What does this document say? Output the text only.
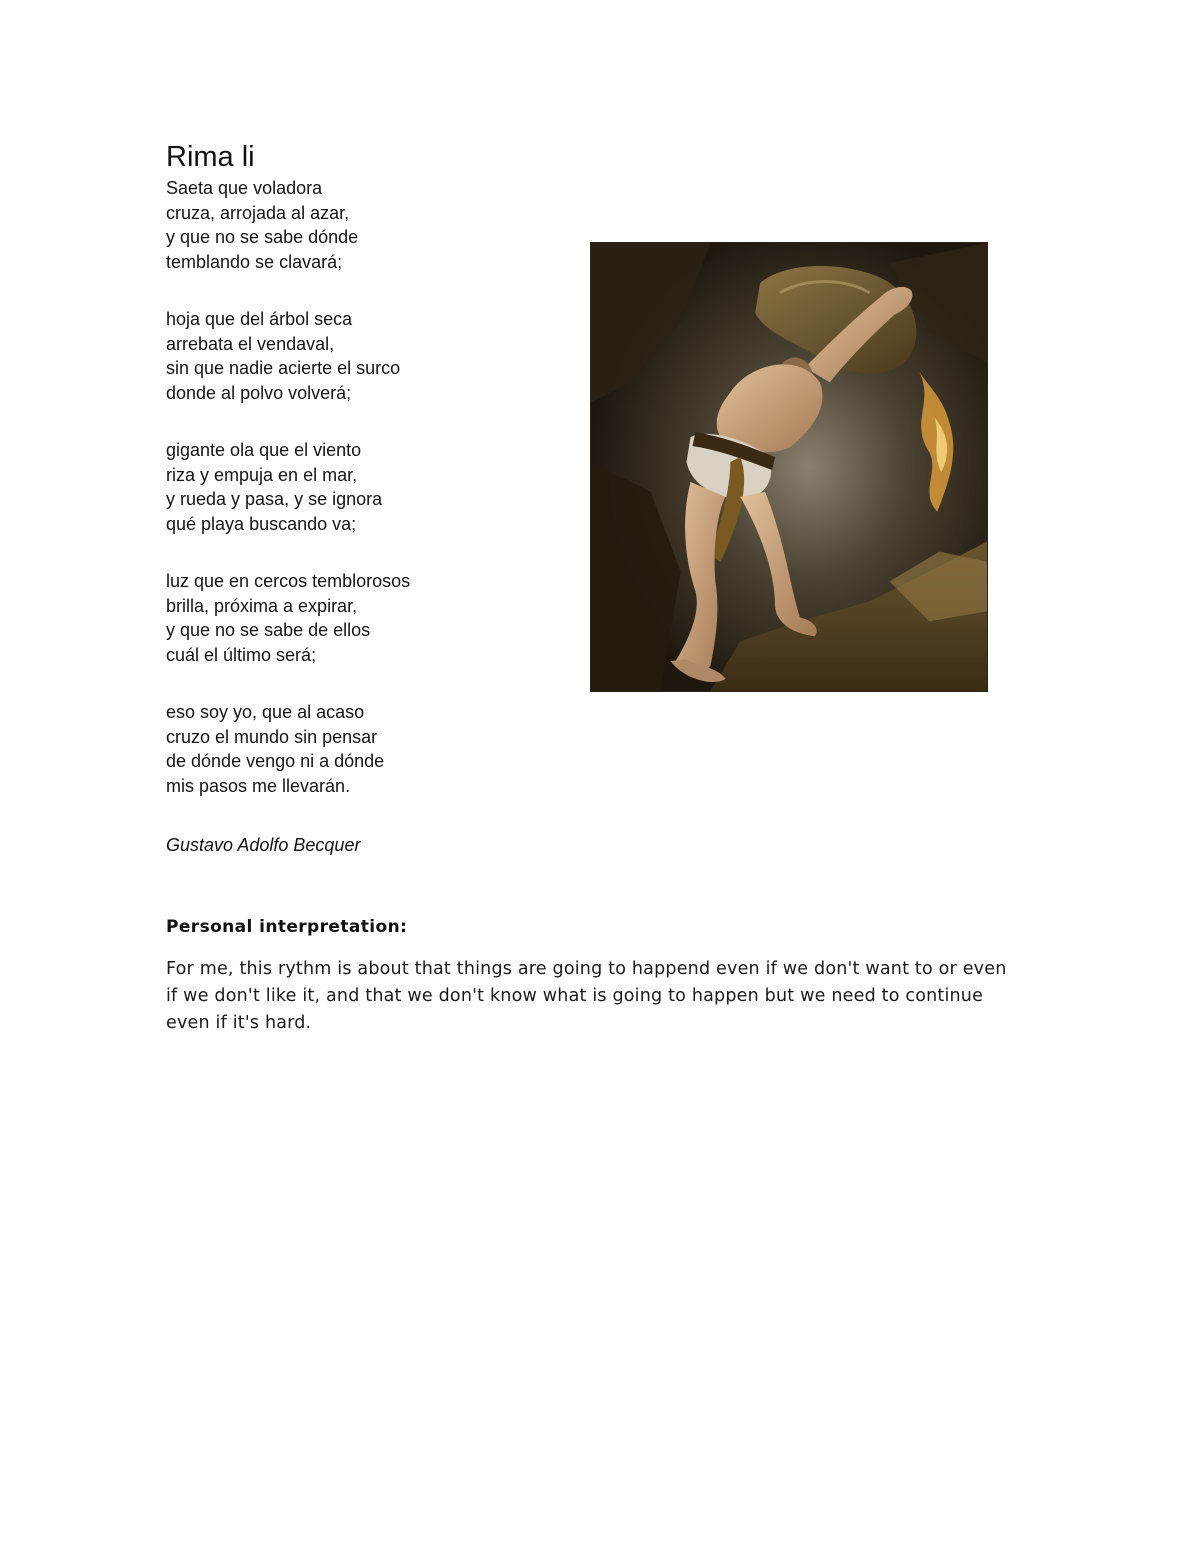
Rima li
Saeta que voladora
cruza, arrojada al azar,
y que no se sabe dónde
temblando se clavará;
hoja que del árbol seca
arrebata el vendaval,
sin que nadie acierte el surco
donde al polvo volverá;
gigante ola que el viento
riza y empuja en el mar,
y rueda y pasa, y se ignora
qué playa buscando va;
luz que en cercos temblorosos
brilla, próxima a expirar,
y que no se sabe de ellos
cuál el último será;
eso soy yo, que al acaso
cruzo el mundo sin pensar
de dónde vengo ni a dónde
mis pasos me llevarán.
Gustavo Adolfo Becquer
Personal interpretation:

For me, this rythm is about that things are going to happend even if we don't want to or even if we don't like it, and that we don't know what is going to happen but we need to continue even if it's hard.
